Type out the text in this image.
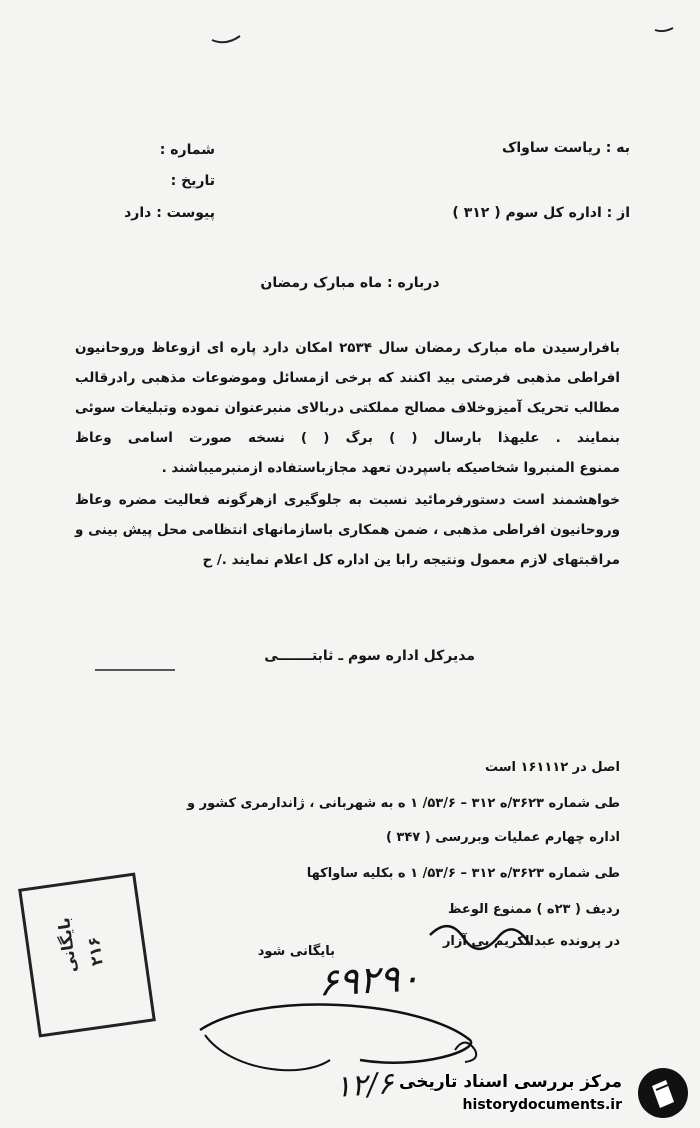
به : ریاست ساواک
از : اداره کل سوم ( ۳۱۲ )
شماره :
تاریخ :
پیوست : دارد
درباره : ماه مبارک رمضان
بافرارسیدن ماه مبارک رمضان سال ۲۵۳۴ امکان دارد پاره ای ازوعاظ وروحانیون
افراطی مذهبی فرصتی بید اکنند که برخی ازمسائل وموضوعات مذهبی رادرقالب
مطالب تحریک آمیزوخلاف مصالح مملکتی دربالای منبرعنوان نموده وتبلیغات سوئی
بنمایند . علیهذا بارسال ( ) برگ ( ) نسخه صورت اسامی وعاظ
ممنوع المنبروا شخاصیکه باسپردن تعهد مجازباستفاده ازمنبرمیباشند .
خواهشمند است دستورفرمائید نسبت به جلوگیری ازهرگونه فعالیت مضره وعاظ
وروحانیون افراطی مذهبی ، ضمن همکاری باسازمانهای انتظامی محل پیش بینی و
مراقبتهای لازم معمول ونتیجه رابا ین اداره کل اعلام نمایند ./ ح
مدیرکل اداره سوم ـ ثابتـــــــی
اصل در ۱۶۱۱۱۲ است
طی شماره ۳۶۲۳/ه ۳۱۲ – ۵۳/۶/ ۱ ه به شهربانی ، ژاندارمری کشور و
اداره چهارم عملیات وبررسی ( ۳۴۷ )
طی شماره ۳۶۲۳/ه ۳۱۲ – ۵۳/۶/ ۱ ه بکلیه ساواکها
ردیف ( ۲۳ه ) ممنوع الوعظ
در پرونده عبدالکریم بی آزار
بایگانی شود
۶۹۲۹۰
۱۲/۶
بایگانی ۲۱۶
مرکز بررسی اسناد تاریخی
historydocuments.ir
